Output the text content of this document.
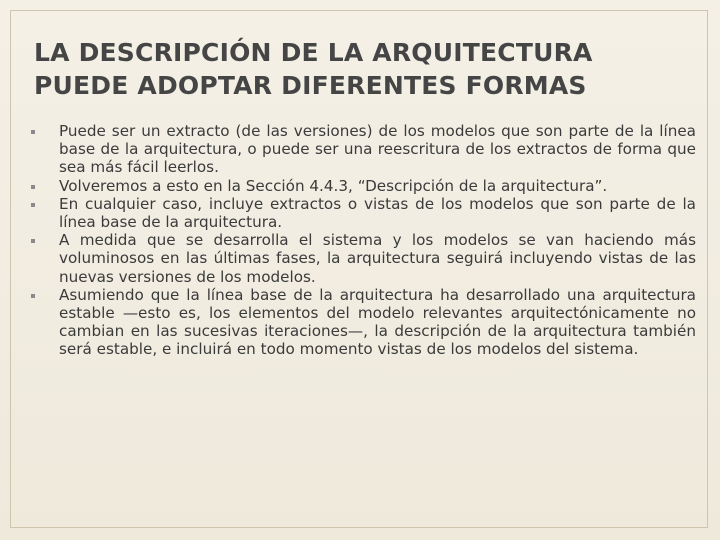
LA DESCRIPCIÓN DE LA ARQUITECTURA
PUEDE ADOPTAR DIFERENTES FORMAS
Puede ser un extracto (de las versiones) de los modelos que son parte de la línea base de la arquitectura, o puede ser una reescritura de los extractos de forma que sea más fácil leerlos.
Volveremos a esto en la Sección 4.4.3, “Descripción de la arquitectura”.
En cualquier caso, incluye extractos o vistas de los modelos que son parte de la línea base de la arquitectura.
A medida que se desarrolla el sistema y los modelos se van haciendo más voluminosos en las últimas fases, la arquitectura seguirá incluyendo vistas de las nuevas versiones de los modelos.
Asumiendo que la línea base de la arquitectura ha desarrollado una arquitectura estable —esto es, los elementos del modelo relevantes arquitectónicamente no cambian en las sucesivas iteraciones—, la descripción de la arquitectura también será estable, e incluirá en todo momento vistas de los modelos del sistema.
